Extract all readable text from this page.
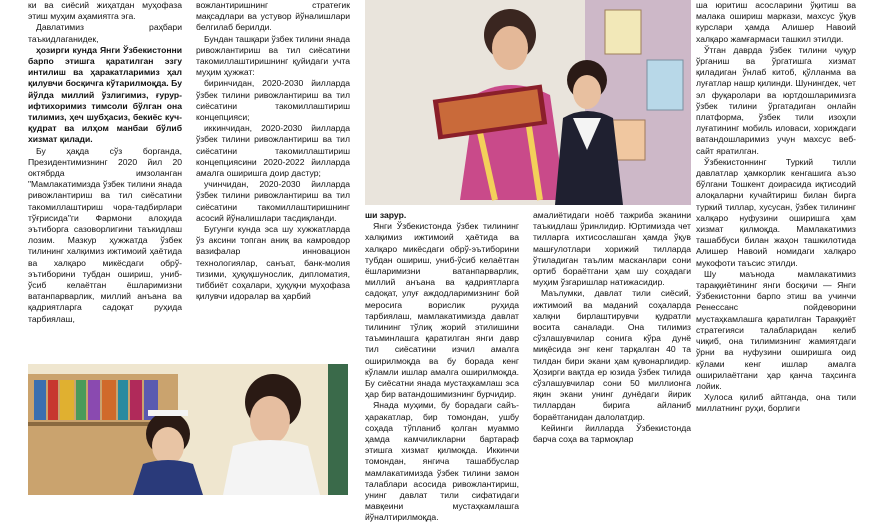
ки ва сиёсий жиҳатдан муҳофаза этиш муҳим аҳамиятга эга.

Давлатимиз раҳбари таъкидлаганидек,

ҳозирги кунда Янги Ўзбекистонни барпо этишга қаратилган эзгу интилиш ва ҳаракатларимиз ҳал қилувчи босқичга кўтарилмоқда. Бу йўлда миллий ўзлигимиз, ғурур-ифтихоримиз тимсоли бўлган она тилимиз, ҳеч шубҳасиз, бекиёс куч-қудрат ва илҳом манбаи бўлиб хизмат қилади.

Бу ҳақда сўз борганда, Президентимизнинг 2020 йил 20 октябрда имзоланган "Мамлакатимизда ўзбек тилини янада ривожлантириш ва тил сиёсатини такомиллаштириш чора-тадбирлари тўғрисида"ги Фармони алоҳида эътиборга сазоворлигини таъкидлаш лозим. Мазкур ҳужжатда ўзбек тилининг халқимиз ижтимоий ҳаётида ва халқаро микёсдаги обрў-эътиборини тубдан ошириш, униб-ўсиб келаётган ёшларимизни ватанпарварлик, миллий анъана ва қадриятларга садоқат руҳида тарбиялаш,

вожлантиришнинг стратегик мақсадлари ва устувор йўналишлари белгилаб берилди.

Бундан ташқари ўзбек тилини янада ривожлантириш ва тил сиёсатини такомиллаштиришнинг қуйидаги учта муҳим ҳужжат:

биринчидан, 2020-2030 йилларда ўзбек тилини ривожлантириш ва тил сиёсатини такомиллаштириш концепцияси;

иккинчидан, 2020-2030 йилларда ўзбек тилини ривожлантириш ва тил сиёсатини такомиллаштириш концепциясини 2020-2022 йилларда амалга оширишга доир дастур;

учинчидан, 2020-2030 йилларда ўзбек тилини ривожлантириш ва тил сиёсатини такомиллаштиришнинг асосий йўналишлари тасдиқланди.

Бугунги кунда эса шу хужжатларда ўз аксини топган аниқ ва камровдор вазифалар инновацион технологиялар, санъат, банк-молия тизими, ҳуқуқшунослик, дипломатия, тиббиёт соҳалари, ҳуқуқни муҳофаза қилувчи идоралар ва ҳарбий

ши зарур.

Янги Ўзбекистонда ўзбек тилининг халқимиз ижтимоий ҳаётида ва халқаро микёсдаги обрў-эътиборини тубдан ошириш, униб-ўсиб келаётган ёшларимизни ватанпарварлик, миллий анъана ва қадриятларга садоқат, улуғ аждодларимизнинг бой меросига ворислик руҳида тарбиялаш, мамлакатимизда давлат тилининг тўлиқ жорий этилишини таъминлашга қаратилган янги давр тил сиёсатини изчил амалга оширилмоқда ва бу борада кенг кўламли ишлар амалга оширилмоқда. Бу сиёсатни янада мустаҳкамлаш эса ҳар бир ватандошимизнинг бурчидир.

Янада муҳими, бу борадаги сайъ-ҳаракатлар, бир томондан, ушбу соҳада тўпланиб қолган муаммо ҳамда камчиликларни бартараф этишга хизмат қилмоқда. Иккинчи томондан, янгича ташаббуслар мамлакатимизда ўзбек тилини замон талаблари асосида ривожлантириш, унинг давлат тили сифатидаги мавқеини мустаҳкамлашга йўналтирилмоқда.

амалиётидаги ноёб тажриба эканини таъкидлаш ўринлидир. Юртимизда чет тилларга ихтисослашган ҳамда ўқув машғулотлари хорижий тилларда ўтиладиган таълим масканлари сони ортиб бораётгани ҳам шу соҳадаги муҳим ўзгаришлар натижасидир.

Маълумки, давлат тили сиёсий, ижтимоий ва маданий соҳаларда халқни бирлаштирувчи қудратли восита саналади. Она тилимиз сўзлашувчилар сонига кўра дунё миқёсида энг кенг тарқалган 40 та тилдан бири экани ҳам қувонарлидир. Ҳозирги вақтда ер юзида ўзбек тилида сўзлашувчилар сони 50 миллионга яқин экани унинг дунёдаги йирик тиллардан бирига айланиб бораётганидан далолатдир.

Кейинги йилларда Ўзбекистонда барча соҳа ва тармоқлар

ша юритиш асосларини ўқитиш ва малака ошириш маркази, махсус ўқув курслари ҳамда Алишер Навоий халқаро жамғармаси ташкил этилди.

Ўтган даврда ўзбек тилини чуқур ўрганиш ва ўргатишга хизмат қиладиган ўнлаб китоб, қўлланма ва луғатлар нашр қилинди. Шунингдек, чет эл фуқаролари ва юртдошларимизга ўзбек тилини ўргатадиган онлайн платформа, ўзбек тили изоҳли луғатининг мобиль иловаси, хориждаги ватандошларимиз учун махсус веб-сайт яратилган.

Ўзбекистоннинг Туркий тилли давлатлар ҳамкорлик кенгашига аъзо бўлгани Тошкент доирасида иқтисодий алоқаларни кучайтириш билан бирга туркий тиллар, хусусан, ўзбек тилининг халқаро нуфузини оширишга ҳам хизмат қилмоқда. Мамлакатимиз ташаббуси билан жаҳон ташкилотида Алишер Навоий номидаги халқаро мукофоти таъсис этилди.

Шу маънода мамлакатимиз тараққиётининг янги босқичи — Янги Ўзбекистонни барпо этиш ва учинчи Ренессанс пойдеворини мустаҳкамлашга қаратилган Тараққиёт стратегияси талабларидан келиб чиқиб, она тилимизнинг жамиятдаги ўрни ва нуфузини оширишга оид кўлами кенг ишлар амалга оширилаётгани ҳар қанча таҳсинга лойик.

Хулоса қилиб айтганда, она тили миллатнинг руҳи, борлиги
